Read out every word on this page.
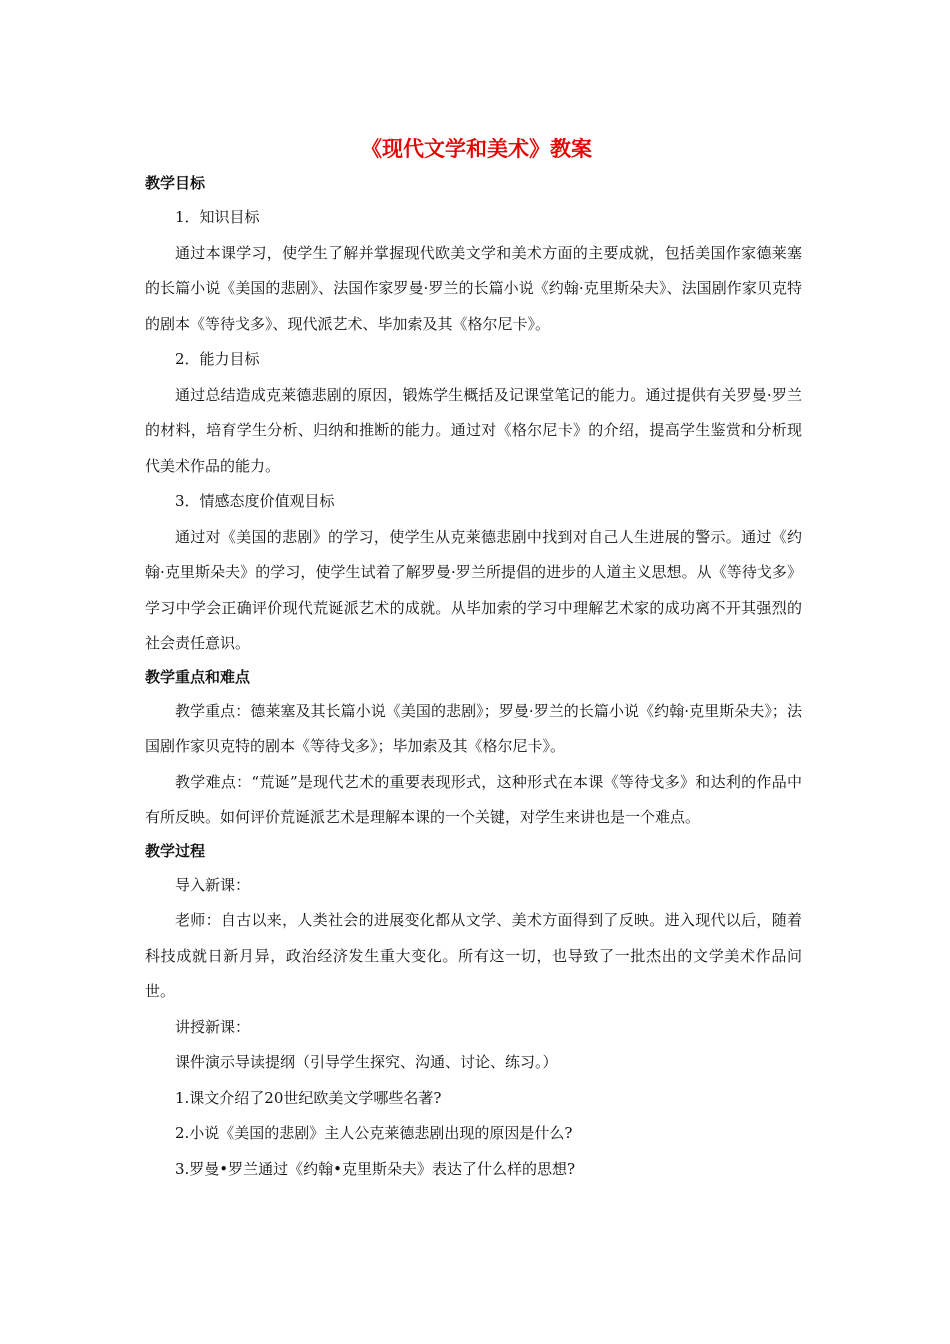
《现代文学和美术》教案
教学目标

1．知识目标

通过本课学习，使学生了解并掌握现代欧美文学和美术方面的主要成就，包括美国作家德莱塞的长篇小说《美国的悲剧》、法国作家罗曼·罗兰的长篇小说《约翰·克里斯朵夫》、法国剧作家贝克特的剧本《等待戈多》、现代派艺术、毕加索及其《格尔尼卡》。

2．能力目标

通过总结造成克莱德悲剧的原因，锻炼学生概括及记课堂笔记的能力。通过提供有关罗曼·罗兰的材料，培育学生分析、归纳和推断的能力。通过对《格尔尼卡》的介绍，提高学生鉴赏和分析现代美术作品的能力。

3．情感态度价值观目标

通过对《美国的悲剧》的学习，使学生从克莱德悲剧中找到对自己人生进展的警示。通过《约翰·克里斯朵夫》的学习，使学生试着了解罗曼·罗兰所提倡的进步的人道主义思想。从《等待戈多》学习中学会正确评价现代荒诞派艺术的成就。从毕加索的学习中理解艺术家的成功离不开其强烈的社会责任意识。

教学重点和难点

教学重点：德莱塞及其长篇小说《美国的悲剧》；罗曼·罗兰的长篇小说《约翰·克里斯朵夫》；法国剧作家贝克特的剧本《等待戈多》；毕加索及其《格尔尼卡》。

教学难点：“荒诞”是现代艺术的重要表现形式，这种形式在本课《等待戈多》和达利的作品中有所反映。如何评价荒诞派艺术是理解本课的一个关键，对学生来讲也是一个难点。

教学过程

导入新课：

老师：自古以来，人类社会的进展变化都从文学、美术方面得到了反映。进入现代以后，随着科技成就日新月异，政治经济发生重大变化。所有这一切，也导致了一批杰出的文学美术作品问世。

讲授新课：

课件演示导读提纲（引导学生探究、沟通、讨论、练习。）

1.课文介绍了20世纪欧美文学哪些名著?

2.小说《美国的悲剧》主人公克莱德悲剧出现的原因是什么?

3.罗曼•罗兰通过《约翰•克里斯朵夫》表达了什么样的思想?
